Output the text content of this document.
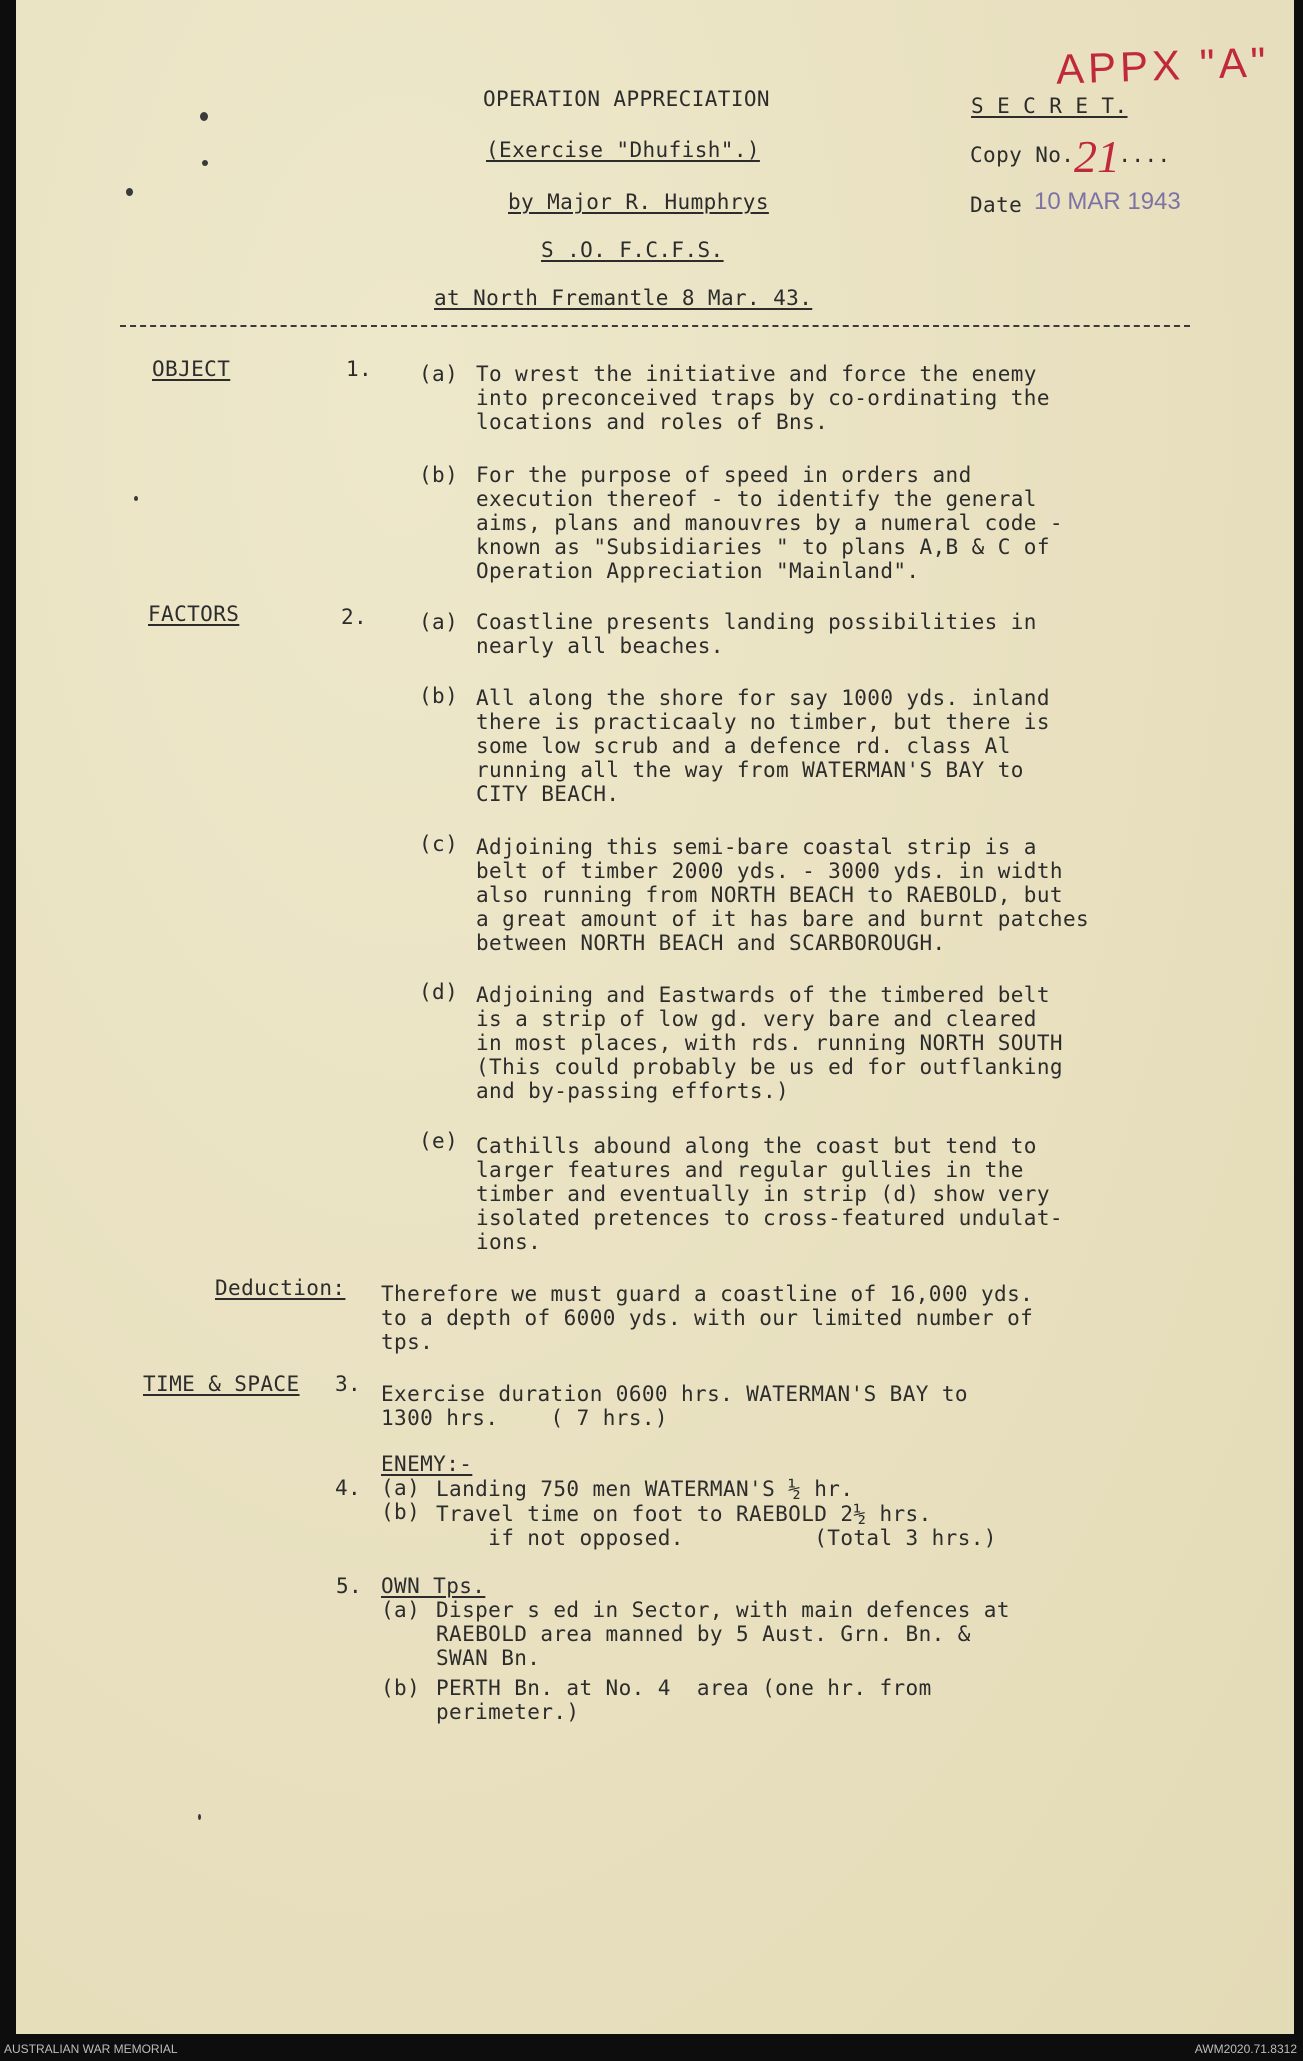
APPX "A"
OPERATION APPRECIATION
(Exercise "Dhufish".)
by Major R. Humphrys
S .O. F.C.F.S.
at North Fremantle 8 Mar. 43.
S E C R E T.
Copy No. ....
21
Date 10 MAR 1943
OBJECT	1. (a) To wrest the initiative and force the enemy
into preconceived traps by co-ordinating the
locations and roles of Bns.
(b) For the purpose of speed in orders and
execution thereof - to identify the general
aims, plans and manouvres by a numeral code -
known as "Subsidiaries " to plans A,B & C of
Operation Appreciation "Mainland".
FACTORS	2. (a) Coastline presents landing possibilities in
nearly all beaches.
(b) All along the shore for say 1000 yds. inland
there is practicaaly no timber, but there is
some low scrub and a defence rd. class Al
running all the way from WATERMAN'S BAY to
CITY BEACH.
(c) Adjoining this semi-bare coastal strip is a
belt of timber 2000 yds. - 3000 yds. in width
also running from NORTH BEACH to RAEBOLD, but
a great amount of it has bare and burnt patches
between NORTH BEACH and SCARBOROUGH.
(d) Adjoining and Eastwards of the timbered belt
is a strip of low gd. very bare and cleared
in most places, with rds. running NORTH SOUTH
(This could probably be us ed for outflanking
and by-passing efforts.)
(e) Cathills abound along the coast but tend to
larger features and regular gullies in the
timber and eventually in strip (d) show very
isolated pretences to cross-featured undulat-
ions.
Deduction: Therefore we must guard a coastline of 16,000 yds.
to a depth of 6000 yds. with our limited number of
tps.
TIME & SPACE 3. Exercise duration 0600 hrs. WATERMAN'S BAY to
1300 hrs.    ( 7 hrs.)
ENEMY:-
4. (a) Landing 750 men WATERMAN'S ½ hr.
(b) Travel time on foot to RAEBOLD 2½ hrs.
if not opposed.          (Total 3 hrs.)
5. OWN Tps.
(a) Disper s ed in Sector, with main defences at
RAEBOLD area manned by 5 Aust. Grn. Bn. &
SWAN Bn.
(b) PERTH Bn. at No. 4  area (one hr. from
perimeter.)
AUSTRALIAN WAR MEMORIAL	AWM2020.71.8312
